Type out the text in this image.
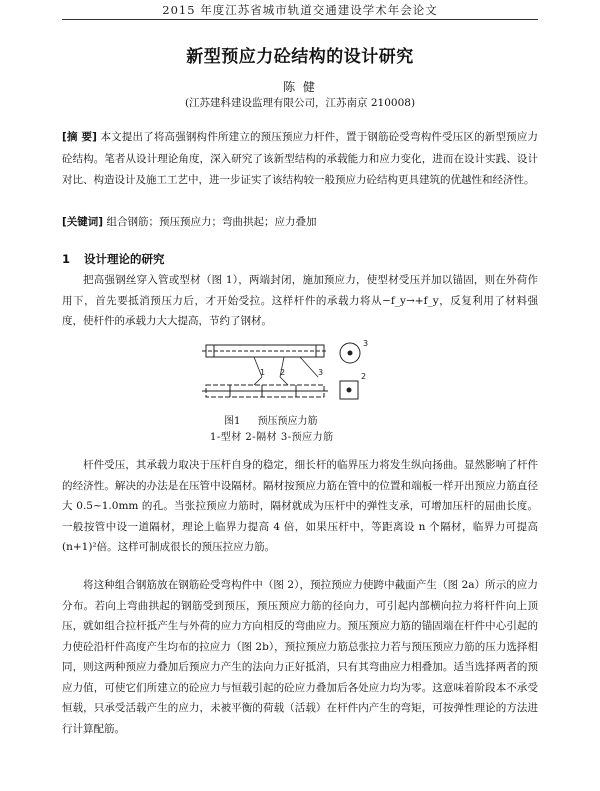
2015 年度江苏省城市轨道交通建设学术年会论文
新型预应力砼结构的设计研究
陈 健
(江苏建科建设监理有限公司，江苏南京 210008)
[摘 要] 本文提出了将高强钢构件所建立的预压预应力杆件，置于钢筋砼受弯构件受压区的新型预应力砼结构。笔者从设计理论角度，深入研究了该新型结构的承载能力和应力变化，进而在设计实践、设计对比、构造设计及施工工艺中，进一步证实了该结构较一般预应力砼结构更具建筑的优越性和经济性。
[关键词] 组合钢筋；预压预应力；弯曲拱起；应力叠加
1 设计理论的研究
把高强钢丝穿入管或型材（图 1），两端封闭，施加预应力，使型材受压并加以锚固，则在外荷作用下，首先要抵消预压力后，才开始受拉。这样杆件的承载力将从−f_y→+f_y，反复利用了材料强度，使杆件的承载力大大提高，节约了钢材。
3
2
1	3
2
图1 预压预应力筋
1-型材 2-隔材 3-预应力筋
杆件受压，其承载力取决于压杆自身的稳定，细长杆的临界压力将发生纵向扬曲。显然影响了杆件的经济性。解决的办法是在压管中设隔材。隔材按预应力筋在管中的位置和端板一样开出预应力筋直径大 0.5~1.0mm 的孔。当张拉预应力筋时，隔材就成为压杆中的弹性支承，可增加压杆的屈曲长度。一般按管中设一道隔材，理论上临界力提高 4 倍，如果压杆中，等距离设 n 个隔材，临界力可提高(n+1)²倍。这样可制成很长的预压拉应力筋。
将这种组合钢筋放在钢筋砼受弯构件中（图 2），预拉预应力使跨中截面产生（图 2a）所示的应力分布。若向上弯曲拱起的钢筋受到预压，预压预应力筋的径向力，可引起内部横向拉力将杆件向上顶压，就如组合拉杆抵产生与外荷的应力方向相反的弯曲应力。预压预应力筋的锚固端在杆件中心引起的力使砼沿杆件高度产生均布的拉应力（图 2b），预拉预应力筋总张拉力若与预压预应力筋的压力选择相同，则这两种预应力叠加后预应力产生的法向力正好抵消，只有其弯曲应力相叠加。适当选择两者的预应力值，可使它们所建立的砼应力与恒载引起的砼应力叠加后各处应力均为零。这意味着阶段本不承受恒载，只承受活载产生的应力，未被平衡的荷载（活载）在杆件内产生的弯矩，可按弹性理论的方法进行计算配筋。
